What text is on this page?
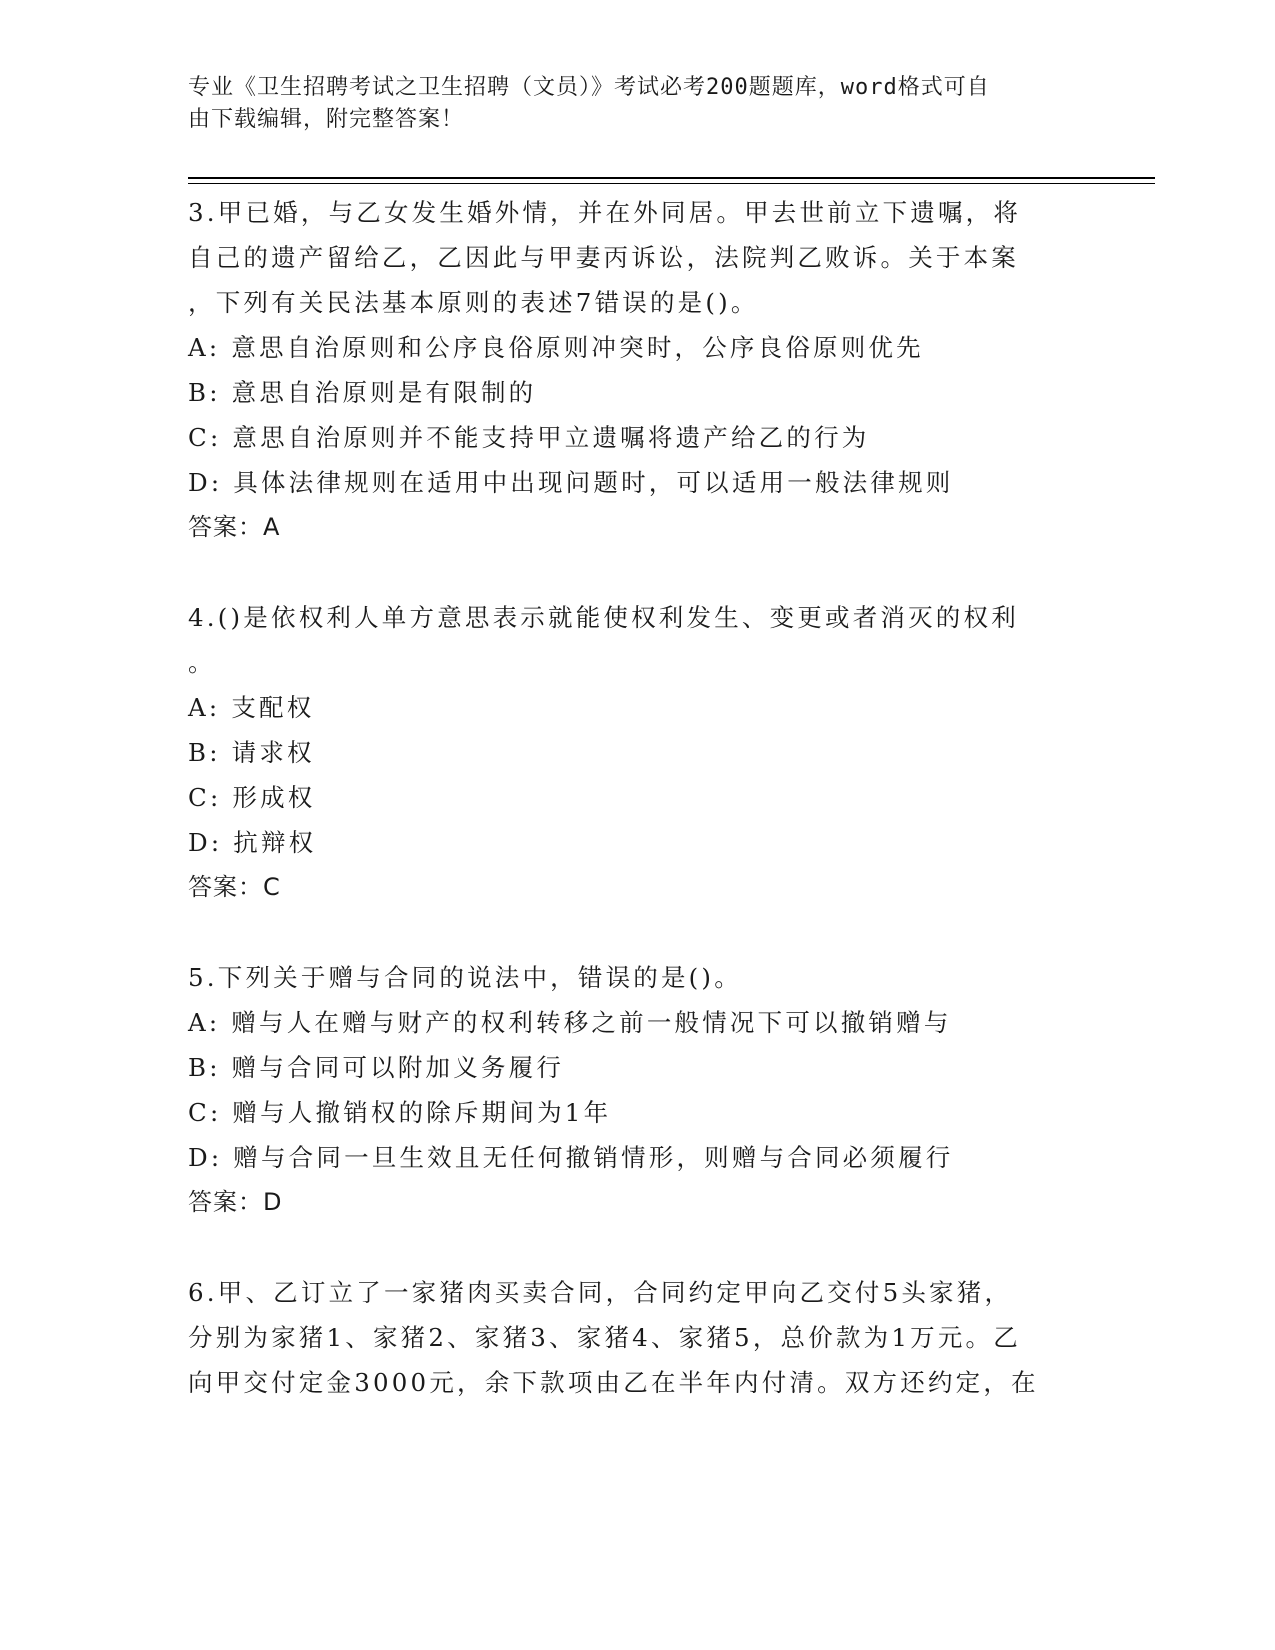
专业《卫生招聘考试之卫生招聘（文员）》考试必考200题题库，word格式可自
由下载编辑，附完整答案！
3.甲已婚，与乙女发生婚外情，并在外同居。甲去世前立下遗嘱，将
自己的遗产留给乙，乙因此与甲妻丙诉讼，法院判乙败诉。关于本案
，下列有关民法基本原则的表述7错误的是()。
A: 意思自治原则和公序良俗原则冲突时，公序良俗原则优先
B: 意思自治原则是有限制的
C: 意思自治原则并不能支持甲立遗嘱将遗产给乙的行为
D: 具体法律规则在适用中出现问题时，可以适用一般法律规则
答案：A
4.()是依权利人单方意思表示就能使权利发生、变更或者消灭的权利
。
A: 支配权
B: 请求权
C: 形成权
D: 抗辩权
答案：C
5.下列关于赠与合同的说法中，错误的是()。
A: 赠与人在赠与财产的权利转移之前一般情况下可以撤销赠与
B: 赠与合同可以附加义务履行
C: 赠与人撤销权的除斥期间为1年
D: 赠与合同一旦生效且无任何撤销情形，则赠与合同必须履行
答案：D
6.甲、乙订立了一家猪肉买卖合同，合同约定甲向乙交付5头家猪，
分别为家猪1、家猪2、家猪3、家猪4、家猪5，总价款为1万元。乙
向甲交付定金3000元，余下款项由乙在半年内付清。双方还约定，在
